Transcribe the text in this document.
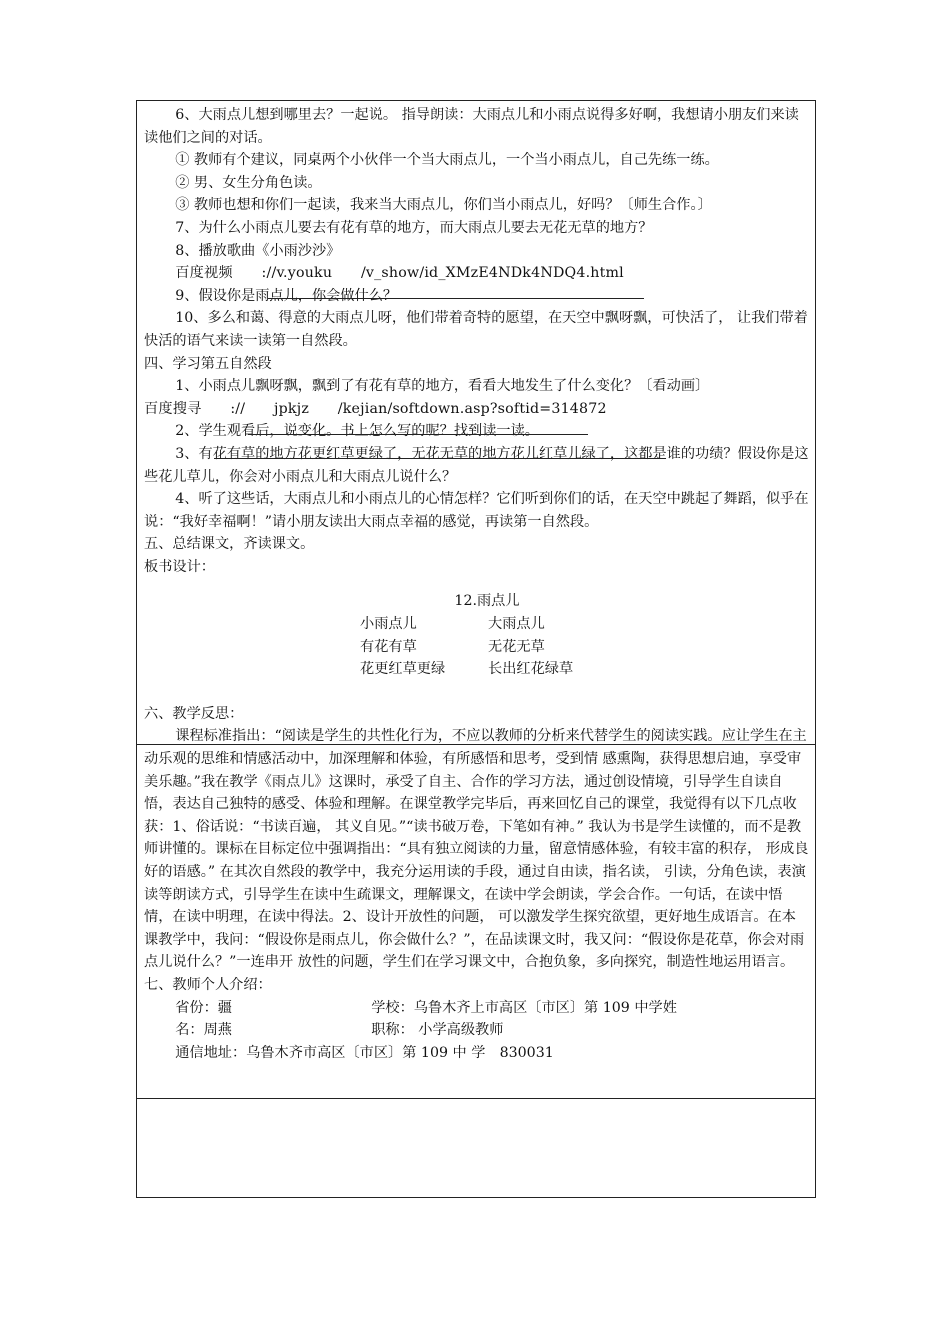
6、大雨点儿想到哪里去？一起说。 指导朗读：大雨点儿和小雨点说得多好啊，我想请小朋友们来读读他们之间的对话。

① 教师有个建议，同桌两个小伙伴一个当大雨点儿，一个当小雨点儿，自己先练一练。

② 男、女生分角色读。

③ 教师也想和你们一起读，我来当大雨点儿，你们当小雨点儿，好吗？〔师生合作。〕

7、为什么小雨点儿要去有花有草的地方，而大雨点儿要去无花无草的地方？

8、播放歌曲《小雨沙沙》

百度视频　　://v.youku　　/v_show/id_XMzE4NDk4NDQ4.html

9、假设你是雨点儿，你会做什么？

10、多么和蔼、得意的大雨点儿呀，他们带着奇特的愿望，在天空中飘呀飘，可快活了， 让我们带着快活的语气来读一读第一自然段。

四、学习第五自然段

1、小雨点儿飘呀飘，飘到了有花有草的地方，看看大地发生了什么变化？〔看动画〕

百度搜寻　　://　　jpkjz　　/kejian/softdown.asp?softid=314872

2、学生观看后，说变化。书上怎么写的呢？找到读一读。

3、有花有草的地方花更红草更绿了，无花无草的地方花儿红草儿绿了，这都是谁的功绩？假设你是这些花儿草儿，你会对小雨点儿和大雨点儿说什么？

4、听了这些话，大雨点儿和小雨点儿的心情怎样？它们听到你们的话，在天空中跳起了舞蹈，似乎在说：“我好幸福啊！”请小朋友读出大雨点幸福的感觉，再读第一自然段。

五、总结课文，齐读课文。

板书设计：

12.雨点儿

小雨点儿	大雨点儿
有花有草	无花无草
花更红草更绿	长出红花绿草

六、教学反思：

课程标准指出：“阅读是学生的共性化行为，不应以教师的分析来代替学生的阅读实践。应让学生在主动乐观的思维和情感活动中，加深理解和体验，有所感悟和思考，受到情 感熏陶，获得思想启迪，享受审美乐趣。”我在教学《雨点儿》这课时，承受了自主、合作的学习方法，通过创设情境，引导学生自读自悟，表达自己独特的感受、体验和理解。在课堂教学完毕后，再来回忆自己的课堂，我觉得有以下几点收获：1、俗话说：“书读百遍， 其义自见。”“读书破万卷，下笔如有神。” 我认为书是学生读懂的，而不是教师讲懂的。课标在目标定位中强调指出：“具有独立阅读的力量，留意情感体验，有较丰富的积存， 形成良好的语感。” 在其次自然段的教学中，我充分运用读的手段，通过自由读，指名读， 引读，分角色读，表演读等朗读方式，引导学生在读中生疏课文，理解课文，在读中学会朗读，学会合作。一句话，在读中悟情，在读中明理，在读中得法。2、设计开放性的问题， 可以激发学生探究欲望，更好地生成语言。在本课教学中，我问：“假设你是雨点儿，你会做什么？”，在品读课文时，我又问：“假设你是花草，你会对雨点儿说什么？”一连串开 放性的问题，学生们在学习课文中，合抱负象，多向探究，制造性地运用语言。

七、教师个人介绍：

省份：疆	学校：乌鲁木齐上市高区〔市区〕第 109 中学姓
名：周燕	职称： 小学高级教师

通信地址：乌鲁木齐市高区〔市区〕第 109 中 学　830031
